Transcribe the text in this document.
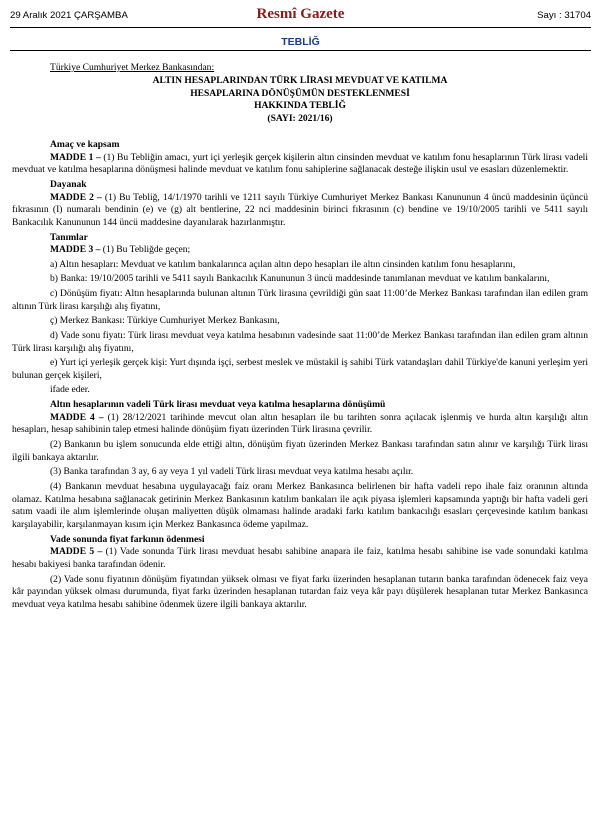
29 Aralık 2021 ÇARŞAMBA	Resmî Gazete	Sayı : 31704
TEBLİĞ

Türkiye Cumhuriyet Merkez Bankasından:

ALTIN HESAPLARINDAN TÜRK LİRASI MEVDUAT VE KATILMA

HESAPLARINA DÖNÜŞÜMÜN DESTEKLENMESİ

HAKKINDA TEBLİĞ

(SAYI: 2021/16)

Amaç ve kapsam

MADDE 1 – (1) Bu Tebliğin amacı, yurt içi yerleşik gerçek kişilerin altın cinsinden mevduat ve katılım fonu hesaplarının Türk lirası vadeli mevduat ve katılma hesaplarına dönüşmesi halinde mevduat ve katılım fonu sahiplerine sağlanacak desteğe ilişkin usul ve esasları düzenlemektir.

Dayanak

MADDE 2 – (1) Bu Tebliğ, 14/1/1970 tarihli ve 1211 sayılı Türkiye Cumhuriyet Merkez Bankası Kanununun 4 üncü maddesinin üçüncü fıkrasının (I) numaralı bendinin (e) ve (g) alt bentlerine, 22 nci maddesinin birinci fıkrasının (c) bendine ve 19/10/2005 tarihli ve 5411 sayılı Bankacılık Kanununun 144 üncü maddesine dayanılarak hazırlanmıştır.

Tanımlar

MADDE 3 – (1) Bu Tebliğde geçen;

a) Altın hesapları: Mevduat ve katılım bankalarınca açılan altın depo hesapları ile altın cinsinden katılım fonu hesaplarını,

b) Banka: 19/10/2005 tarihli ve 5411 sayılı Bankacılık Kanununun 3 üncü maddesinde tanımlanan mevduat ve katılım bankalarını,

c) Dönüşüm fiyatı: Altın hesaplarında bulunan altının Türk lirasına çevrildiği gün saat 11:00’de Merkez Bankası tarafından ilan edilen gram altının Türk lirası karşılığı alış fiyatını,

ç) Merkez Bankası: Türkiye Cumhuriyet Merkez Bankasını,

d) Vade sonu fiyatı: Türk lirası mevduat veya katılma hesabının vadesinde saat 11:00’de Merkez Bankası tarafından ilan edilen gram altının Türk lirası karşılığı alış fiyatını,

e) Yurt içi yerleşik gerçek kişi: Yurt dışında işçi, serbest meslek ve müstakil iş sahibi Türk vatandaşları dahil Türkiye'de kanuni yerleşim yeri bulunan gerçek kişileri,

ifade eder.

Altın hesaplarının vadeli Türk lirası mevduat veya katılma hesaplarına dönüşümü

MADDE 4 – (1) 28/12/2021 tarihinde mevcut olan altın hesapları ile bu tarihten sonra açılacak işlenmiş ve hurda altın karşılığı altın hesapları, hesap sahibinin talep etmesi halinde dönüşüm fiyatı üzerinden Türk lirasına çevrilir.

(2) Bankanın bu işlem sonucunda elde ettiği altın, dönüşüm fiyatı üzerinden Merkez Bankası tarafından satın alınır ve karşılığı Türk lirası ilgili bankaya aktarılır.

(3) Banka tarafından 3 ay, 6 ay veya 1 yıl vadeli Türk lirası mevduat veya katılma hesabı açılır.

(4) Bankanın mevduat hesabına uygulayacağı faiz oranı Merkez Bankasınca belirlenen bir hafta vadeli repo ihale faiz oranının altında olamaz. Katılma hesabına sağlanacak getirinin Merkez Bankasının katılım bankaları ile açık piyasa işlemleri kapsamında yaptığı bir hafta vadeli geri satım vaadi ile alım işlemlerinde oluşan maliyetten düşük olmaması halinde aradaki farkı katılım bankacılığı esasları çerçevesinde katılım bankası karşılayabilir, karşılanmayan kısım için Merkez Bankasınca ödeme yapılmaz.

Vade sonunda fiyat farkının ödenmesi

MADDE 5 – (1) Vade sonunda Türk lirası mevduat hesabı sahibine anapara ile faiz, katılma hesabı sahibine ise vade sonundaki katılma hesabı bakiyesi banka tarafından ödenir.

(2) Vade sonu fiyatının dönüşüm fiyatından yüksek olması ve fiyat farkı üzerinden hesaplanan tutarın banka tarafından ödenecek faiz veya kâr payından yüksek olması durumunda, fiyat farkı üzerinden hesaplanan tutardan faiz veya kâr payı düşülerek hesaplanan tutar Merkez Bankasınca mevduat veya katılma hesabı sahibine ödenmek üzere ilgili bankaya aktarılır.
